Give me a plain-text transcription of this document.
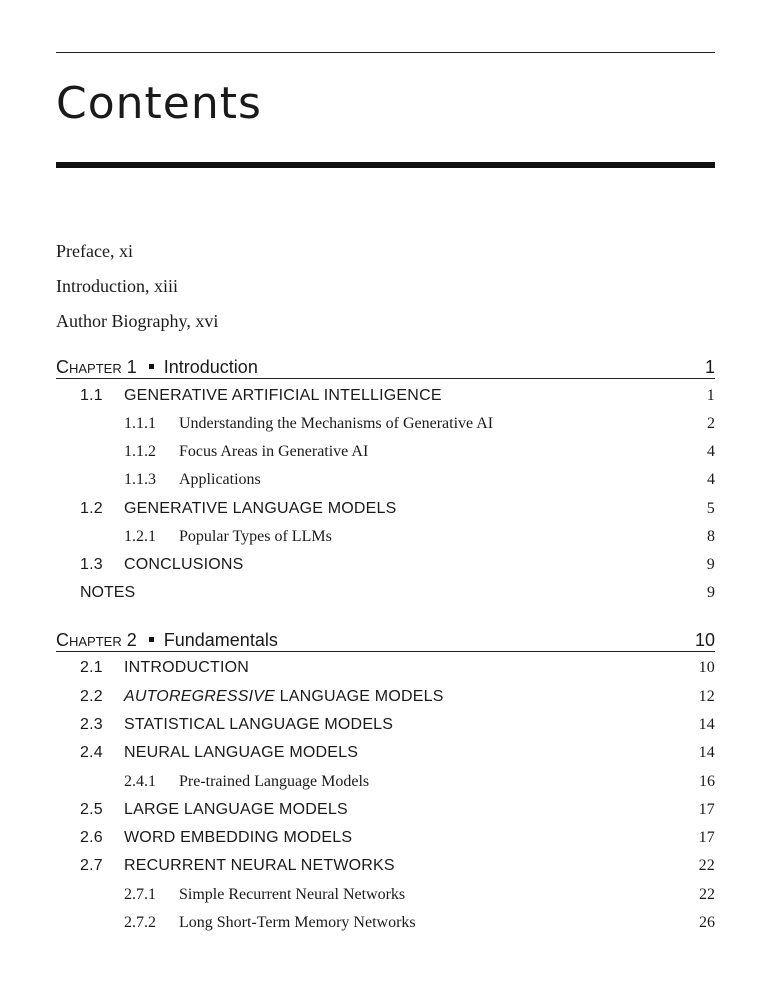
Contents
Preface, xi
Introduction, xiii
Author Biography, xvi
Chapter 1 Introduction	1
1.1 GENERATIVE ARTIFICIAL INTELLIGENCE	1
1.1.1 Understanding the Mechanisms of Generative AI	2
1.1.2 Focus Areas in Generative AI	4
1.1.3 Applications	4
1.2 GENERATIVE LANGUAGE MODELS	5
1.2.1 Popular Types of LLMs	8
1.3 CONCLUSIONS	9
NOTES	9
Chapter 2 Fundamentals	10
2.1 INTRODUCTION	10
2.2 AUTOREGRESSIVE LANGUAGE MODELS	12
2.3 STATISTICAL LANGUAGE MODELS	14
2.4 NEURAL LANGUAGE MODELS	14
2.4.1 Pre-trained Language Models	16
2.5 LARGE LANGUAGE MODELS	17
2.6 WORD EMBEDDING MODELS	17
2.7 RECURRENT NEURAL NETWORKS	22
2.7.1 Simple Recurrent Neural Networks	22
2.7.2 Long Short-Term Memory Networks	26
